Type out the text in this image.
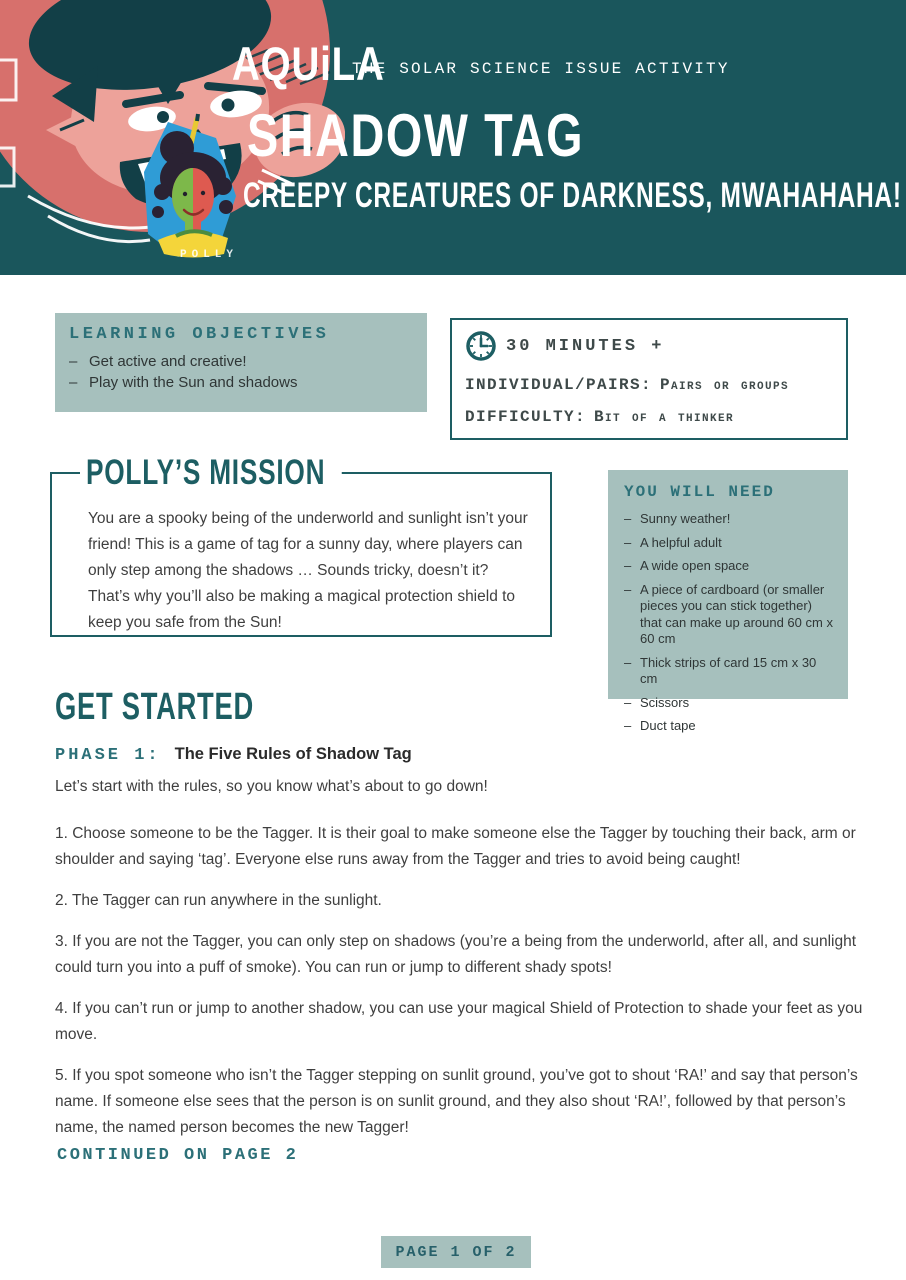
AQUiLA
THE SOLAR SCIENCE ISSUE ACTIVITY
SHADOW TAG
CREEPY CREATURES OF DARKNESS, MWAHAHAHA!
POLLY
LEARNING OBJECTIVES
– Get active and creative!
– Play with the Sun and shadows
30 MINUTES +
INDIVIDUAL/PAIRS: Pairs or groups
DIFFICULTY: Bit of a thinker
POLLY’S MISSION

You are a spooky being of the underworld and sunlight isn’t your friend! This is a game of tag for a sunny day, where players can only step among the shadows … Sounds tricky, doesn’t it? That’s why you’ll also be making a magical protection shield to keep you safe from the Sun!

YOU WILL NEED
– Sunny weather!
– A helpful adult
– A wide open space
– A piece of cardboard (or smaller pieces you can stick together) that can make up around 60 cm x 60 cm
– Thick strips of card 15 cm x 30 cm
– Scissors
– Duct tape
GET STARTED
PHASE 1: The Five Rules of Shadow Tag

Let’s start with the rules, so you know what’s about to go down!

1. Choose someone to be the Tagger. It is their goal to make someone else the Tagger by touching their back, arm or shoulder and saying ‘tag’. Everyone else runs away from the Tagger and tries to avoid being caught!

2. The Tagger can run anywhere in the sunlight.

3. If you are not the Tagger, you can only step on shadows (you’re a being from the underworld, after all, and sunlight could turn you into a puff of smoke). You can run or jump to different shady spots!

4. If you can’t run or jump to another shadow, you can use your magical Shield of Protection to shade your feet as you move.

5. If you spot someone who isn’t the Tagger stepping on sunlit ground, you’ve got to shout ‘RA!’ and say that person’s name. If someone else sees that the person is on sunlit ground, and they also shout ‘RA!’, followed by that person’s name, the named person becomes the new Tagger!

CONTINUED ON PAGE 2
PAGE 1 OF 2
